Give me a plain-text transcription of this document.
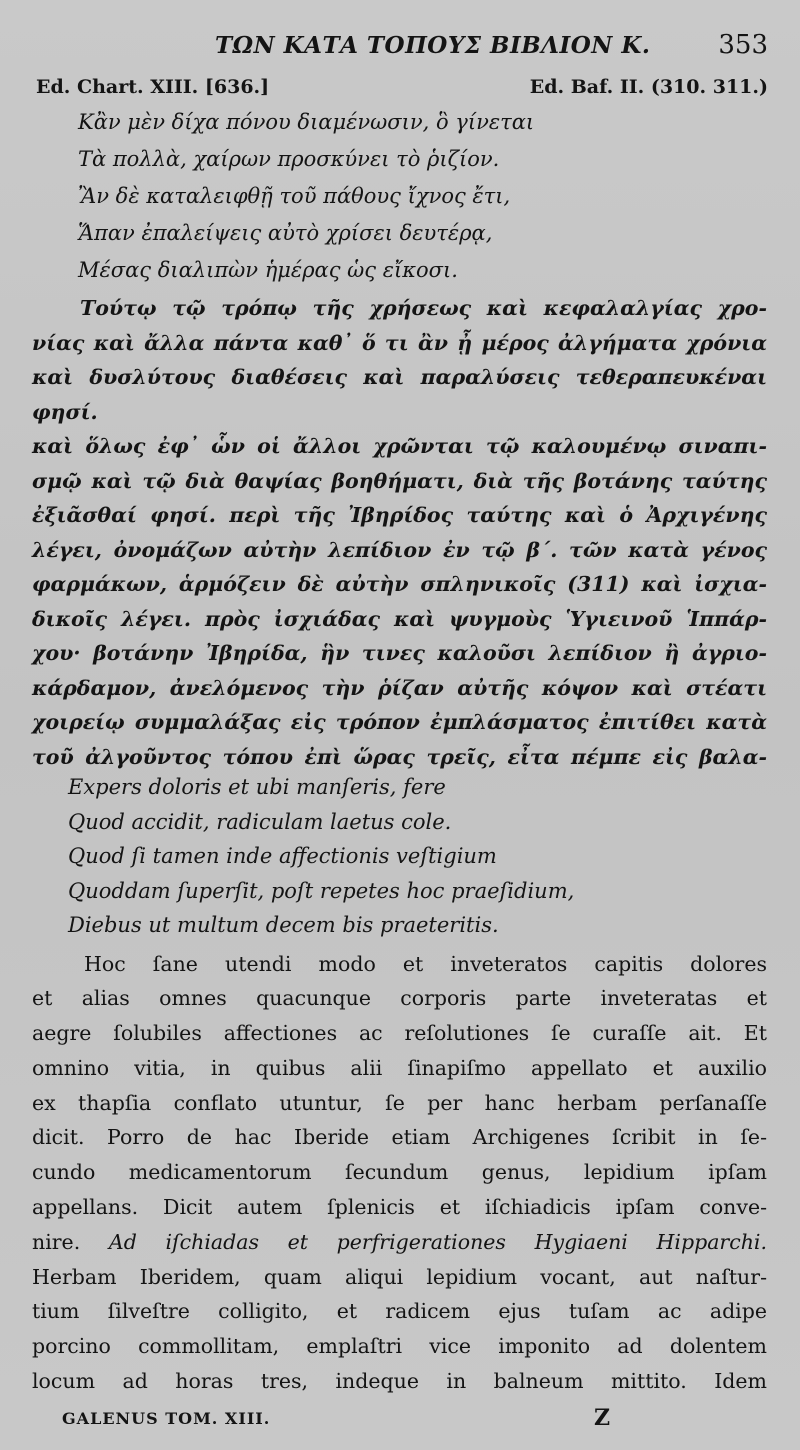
ΤΩΝ ΚΑΤΑ ΤΟΠΟΥΣ ΒΙΒΛΙΟΝ Κ.	353
Ed. Chart. XIII. [636.]	Ed. Baf. II. (310. 311.)
Κἂν μὲν δίχα πόνου διαμένωσιν, ὃ γίνεται
Τὰ πολλὰ, χαίρων προσκύνει τὸ ῥιζίον.
Ἂν δὲ καταλειφθῇ τοῦ πάθους ἴχνος ἔτι,
Ἅπαν ἐπαλείψεις αὐτὸ χρίσει δευτέρᾳ,
Μέσας διαλιπὼν ἡμέρας ὡς εἴκοσι.
Τούτῳ τῷ τρόπῳ τῆς χρήσεως καὶ κεφαλαλγίας χρο-
νίας καὶ ἄλλα πάντα καθ᾽ ὅ τι ἂν ᾖ μέρος ἀλγήματα χρόνια
καὶ δυσλύτους διαθέσεις καὶ παραλύσεις τεθεραπευκέναι φησί.
καὶ ὅλως ἐφ᾽ ὧν οἱ ἄλλοι χρῶνται τῷ καλουμένῳ σιναπι-
σμῷ καὶ τῷ διὰ θαψίας βοηθήματι, διὰ τῆς βοτάνης ταύτης
ἐξιᾶσθαί φησί. περὶ τῆς Ἰβηρίδος ταύτης καὶ ὁ Ἀρχιγένης
λέγει, ὀνομάζων αὐτὴν λεπίδιον ἐν τῷ β΄. τῶν κατὰ γένος
φαρμάκων, ἁρμόζειν δὲ αὐτὴν σπληνικοῖς (311) καὶ ἰσχια-
δικοῖς λέγει. πρὸς ἰσχιάδας καὶ ψυγμοὺς Ὑγιεινοῦ Ἱππάρ-
χου· βοτάνην Ἰβηρίδα, ἣν τινες καλοῦσι λεπίδιον ἢ ἀγριο-
κάρδαμον, ἀνελόμενος τὴν ῥίζαν αὐτῆς κόψον καὶ στέατι
χοιρείῳ συμμαλάξας εἰς τρόπον ἐμπλάσματος ἐπιτίθει κατὰ
τοῦ ἀλγοῦντος τόπου ἐπὶ ὥρας τρεῖς, εἶτα πέμπε εἰς βαλα-
Expers doloris et ubi manſeris, fere
Quod accidit, radiculam laetus cole.
Quod ſi tamen inde affectionis veſtigium
Quoddam ſuperſit, poſt repetes hoc praeſidium,
Diebus ut multum decem bis praeteritis.
Hoc ſane utendi modo et inveteratos capitis dolores
et alias omnes quacunque corporis parte inveteratas et
aegre ſolubiles affectiones ac reſolutiones ſe curaſſe ait. Et
omnino vitia, in quibus alii ſinapiſmo appellato et auxilio
ex thapſia conflato utuntur, ſe per hanc herbam perſanaſſe
dicit. Porro de hac Iberide etiam Archigenes ſcribit in ſe-
cundo medicamentorum ſecundum genus, lepidium ipſam
appellans. Dicit autem ſplenicis et iſchiadicis ipſam conve-
nire. Ad iſchiadas et perfrigerationes Hygiaeni Hipparchi.
Herbam Iberidem, quam aliqui lepidium vocant, aut naſtur-
tium ſilveſtre colligito, et radicem ejus tuſam ac adipe
porcino commollitam, emplaſtri vice imponito ad dolentem
locum ad horas tres, indeque in balneum mittito. Idem
GALENUS TOM. XIII.	Z
